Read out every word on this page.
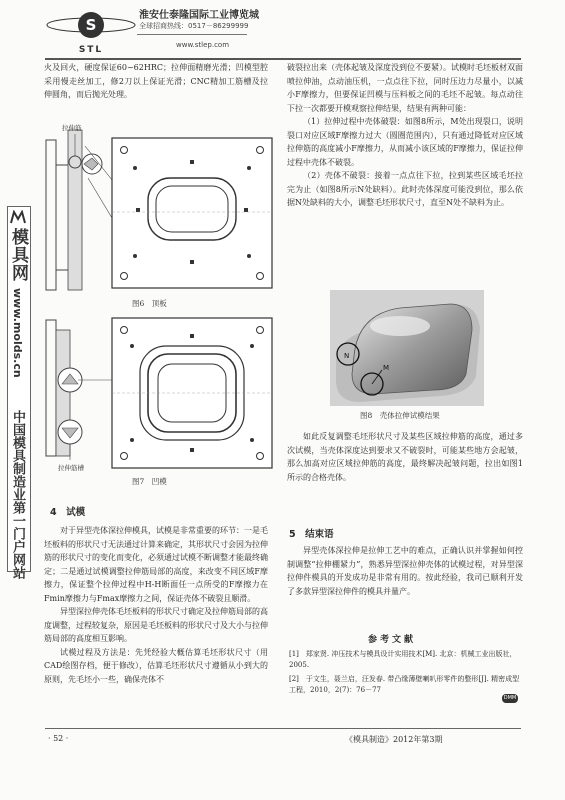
S
STL
淮安仕泰隆国际工业博览城
全球招商热线：0517－86299999
www.stlep.com
模具网
www.molds.cn
中国模具制造业第一门户网站

火及回火，硬度保证60~62HRC；拉伸面精磨光滑；凹模型腔采用慢走丝加工，修2刀以上保证光滑；CNC精加工筋槽及拉伸圆角，而后抛光处理。

拉伸筋
图6　顶板
拉伸筋槽
图7　凹模
4　试模

对于异型壳体深拉伸模具，试模是非常重要的环节：一是毛坯板料的形状尺寸无法通过计算来确定，其形状尺寸会因为拉伸筋的形状尺寸的变化而变化，必须通过试模不断调整才能最终确定；二是通过试模调整拉伸筋局部的高度，来改变不同区域F摩擦力，保证整个拉伸过程中H-H断面任一点所受的F摩擦力在Fmin摩擦力与Fmax摩擦力之间，保证壳体不破裂且顺滑。

异型深拉伸壳体毛坯板料的形状尺寸确定及拉伸筋局部的高度调整，过程较复杂，原因是毛坯板料的形状尺寸及大小与拉伸筋局部的高度相互影响。

试模过程及方法是：先凭经验大概估算毛坯形状尺寸（用CAD绘图存档，便于修改），估算毛坯形状尺寸遵循从小到大的原则，先毛坯小一些，确保壳体不

破裂拉出来（壳体起皱及深度没到位不要紧）。试模时毛坯板材双面喷拉伸油，点动油压机，一点点往下拉，同时压边力尽量小，以减小F摩擦力，但要保证凹模与压料板之间的毛坯不起皱。每点动往下拉一次都要开模观察拉伸结果，结果有两种可能：

（1）拉伸过程中壳体破裂：如图8所示，M处出现裂口，说明裂口对应区域F摩擦力过大（圆圈范围内），只有通过降低对应区域拉伸筋的高度减小F摩擦力，从而减小该区域的F摩擦力，保证拉伸过程中壳体不破裂。

（2）壳体不破裂：接着一点点往下拉，拉到某些区域毛坯拉完为止（如图8所示N处缺料）。此时壳体深度可能没到位，那么依据N处缺料的大小，调整毛坯形状尺寸，直至N处不缺料为止。

N
M
图8　壳体拉伸试模结果

如此反复调整毛坯形状尺寸及某些区域拉伸筋的高度，通过多次试模，当壳体深度达到要求又不破裂时，可能某些地方会起皱，那么加高对应区域拉伸筋的高度，最终解决起皱问题，拉出如图1所示的合格壳体。

5　结束语

异型壳体深拉伸是拉伸工艺中的难点，正确认识并掌握如何控制调整“拉伸棚紧力”，熟悉异型深拉伸壳体的试模过程，对异型深拉伸件模具的开发成功是非常有用的。按此经验，我司已顺利开发了多款异型深拉伸件的模具并量产。

参考文献
[1]　郑家贤. 冲压技术与模具设计实用技术[M]. 北京：机械工业出版社，2005.
[2]　于文生，聂兰启，汪发春. 带凸缘薄壁喇叭形零件的整形[J]. 精密成型工程，2010，2(7)：76－77
DMM
· 52 ·	《模具制造》2012年第3期
